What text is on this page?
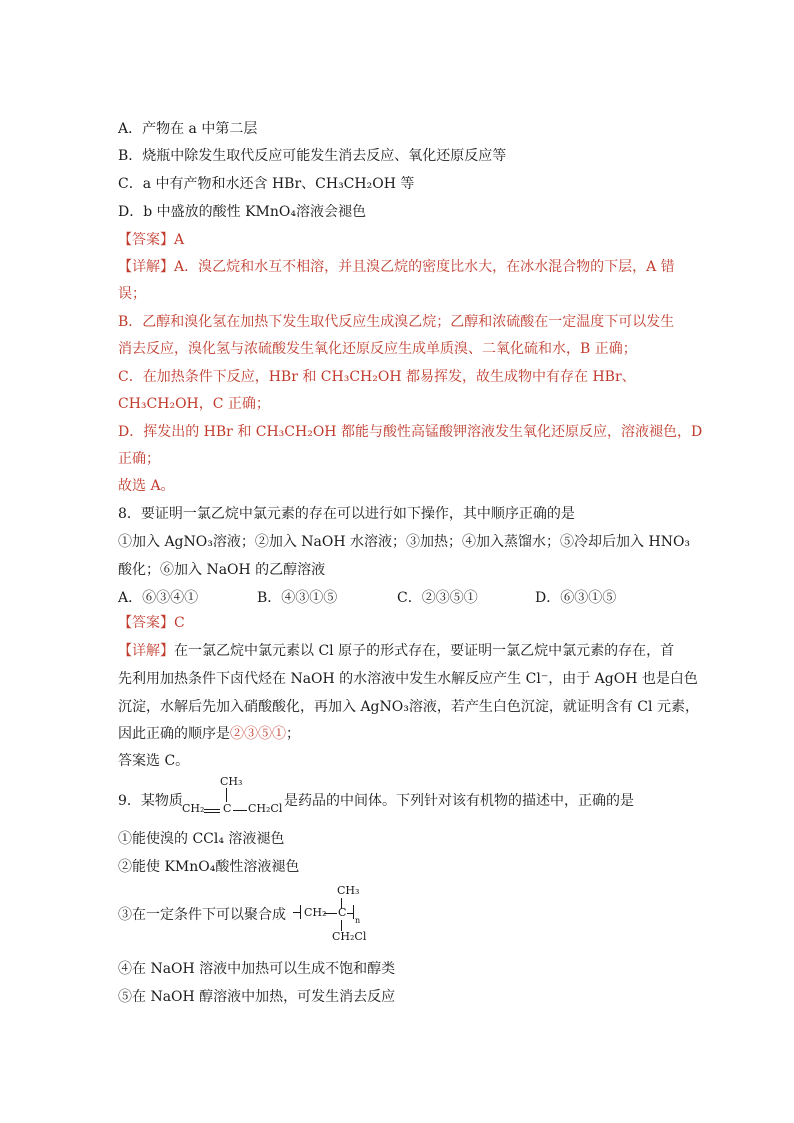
A．产物在 a 中第二层
B．烧瓶中除发生取代反应可能发生消去反应、氧化还原反应等
C．a 中有产物和水还含 HBr、CH₃CH₂OH 等
D．b 中盛放的酸性 KMnO₄溶液会褪色
【答案】A
【详解】A．溴乙烷和水互不相溶，并且溴乙烷的密度比水大，在冰水混合物的下层，A 错
误；
B．乙醇和溴化氢在加热下发生取代反应生成溴乙烷；乙醇和浓硫酸在一定温度下可以发生
消去反应，溴化氢与浓硫酸发生氧化还原反应生成单质溴、二氧化硫和水，B 正确；
C．在加热条件下反应，HBr 和 CH₃CH₂OH 都易挥发，故生成物中有存在 HBr、
CH₃CH₂OH，C 正确；
D．挥发出的 HBr 和 CH₃CH₂OH 都能与酸性高锰酸钾溶液发生氧化还原反应，溶液褪色，D
正确；
故选 A。
8．要证明一氯乙烷中氯元素的存在可以进行如下操作，其中顺序正确的是
①加入 AgNO₃溶液；②加入 NaOH 水溶液；③加热；④加入蒸馏水；⑤冷却后加入 HNO₃
酸化；⑥加入 NaOH 的乙醇溶液
A．⑥③④①	B．④③①⑤	C．②③⑤①	D．⑥③①⑤
【答案】C
【详解】在一氯乙烷中氯元素以 Cl 原子的形式存在，要证明一氯乙烷中氯元素的存在，首
先利用加热条件下卤代烃在 NaOH 的水溶液中发生水解反应产生 Cl⁻，由于 AgOH 也是白色
沉淀，水解后先加入硝酸酸化，再加入 AgNO₃溶液，若产生白色沉淀，就证明含有 Cl 元素，
因此正确的顺序是②③⑤①；
答案选 C。
9．某物质
CH₃
CH₂ C CH₂Cl 是药品的中间体。下列针对该有机物的描述中，正确的是
①能使溴的 CCl₄ 溶液褪色
②能使 KMnO₄酸性溶液褪色
③在一定条件下可以聚合成
CH₃
CH₂ C
n
CH₂Cl
④在 NaOH 溶液中加热可以生成不饱和醇类
⑤在 NaOH 醇溶液中加热，可发生消去反应
